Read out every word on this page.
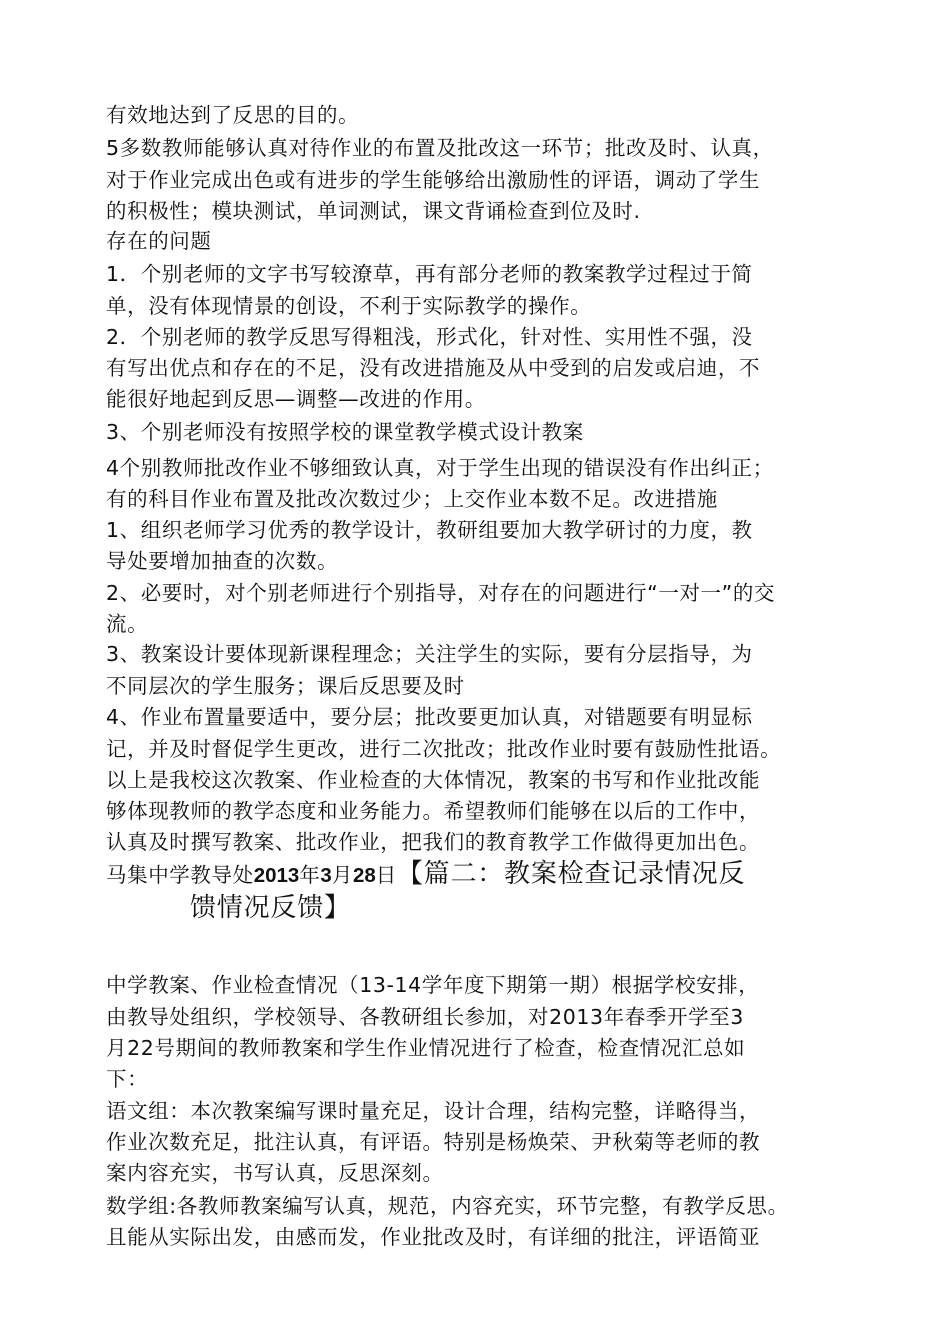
有效地达到了反思的目的。
5多数教师能够认真对待作业的布置及批改这一环节；批改及时、认真，
对于作业完成出色或有进步的学生能够给出激励性的评语，调动了学生
的积极性；模块测试，单词测试，课文背诵检查到位及时.
存在的问题
1．个别老师的文字书写较潦草，再有部分老师的教案教学过程过于简
单，没有体现情景的创设，不利于实际教学的操作。
2．个别老师的教学反思写得粗浅，形式化，针对性、实用性不强，没
有写出优点和存在的不足，没有改进措施及从中受到的启发或启迪，不
能很好地起到反思—调整—改进的作用。
3、个别老师没有按照学校的课堂教学模式设计教案
4个别教师批改作业不够细致认真，对于学生出现的错误没有作出纠正；
有的科目作业布置及批改次数过少；上交作业本数不足。改进措施
1、组织老师学习优秀的教学设计，教研组要加大教学研讨的力度，教
导处要增加抽查的次数。
2、必要时，对个别老师进行个别指导，对存在的问题进行“一对一”的交
流。
3、教案设计要体现新课程理念；关注学生的实际，要有分层指导，为
不同层次的学生服务；课后反思要及时
4、作业布置量要适中，要分层；批改要更加认真，对错题要有明显标
记，并及时督促学生更改，进行二次批改；批改作业时要有鼓励性批语。
以上是我校这次教案、作业检查的大体情况，教案的书写和作业批改能
够体现教师的教学态度和业务能力。希望教师们能够在以后的工作中，
认真及时撰写教案、批改作业，把我们的教育教学工作做得更加出色。
马集中学教导处2013年3月28日【篇二：教案检查记录情况反
馈情况反馈】
中学教案、作业检查情况（13-14学年度下期第一期）根据学校安排，
由教导处组织，学校领导、各教研组长参加，对2013年春季开学至3
月22号期间的教师教案和学生作业情况进行了检查，检查情况汇总如
下：
语文组：本次教案编写课时量充足，设计合理，结构完整，详略得当，
作业次数充足，批注认真，有评语。特别是杨焕荣、尹秋菊等老师的教
案内容充实，书写认真，反思深刻。
数学组:各教师教案编写认真，规范，内容充实，环节完整，有教学反思。
且能从实际出发，由感而发，作业批改及时，有详细的批注，评语简亚
